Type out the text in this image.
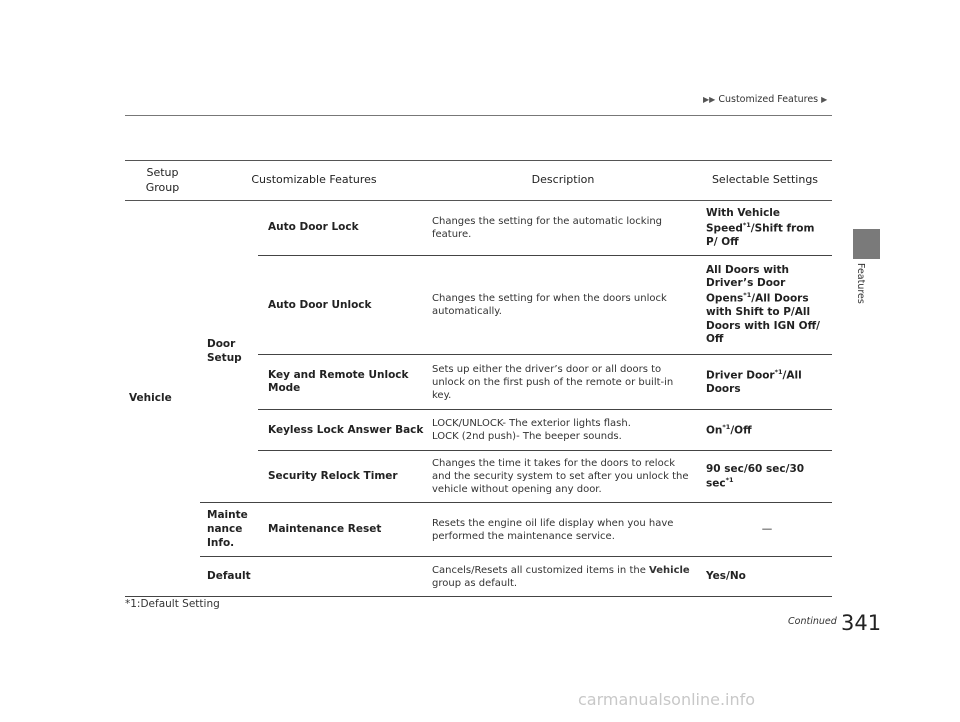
▶▶ Customized Features ▶
Features
Setup
Group	Customizable Features		Description	Selectable Settings
Vehicle	Door
Setup	Auto Door Lock	Changes the setting for the automatic locking feature.	With Vehicle Speed$^{*1}$/Shift from P/ Off
		Auto Door Unlock	Changes the setting for when the doors unlock automatically.	All Doors with Driver’s Door Opens$^{*1}$/All Doors with Shift to P/All Doors with IGN Off/ Off
		Key and Remote Unlock Mode	Sets up either the driver’s door or all doors to unlock on the first push of the remote or built-in key.	Driver Door$^{*1}$/All Doors
		Keyless Lock Answer Back	LOCK/UNLOCK- The exterior lights flash.
LOCK (2nd push)- The beeper sounds.	On$^{*1}$/Off
		Security Relock Timer	Changes the time it takes for the doors to relock and the security system to set after you unlock the vehicle without opening any door.	90 sec/60 sec/30 $\sec^{*1}$
	Mainte
nance
Info.	Maintenance Reset	Resets the engine oil life display when you have performed the maintenance service.	—
	Default		Cancels/Resets all customized items in the Vehicle group as default.	Yes/No
*1:Default Setting
Continued 341
carmanualsonline.info
